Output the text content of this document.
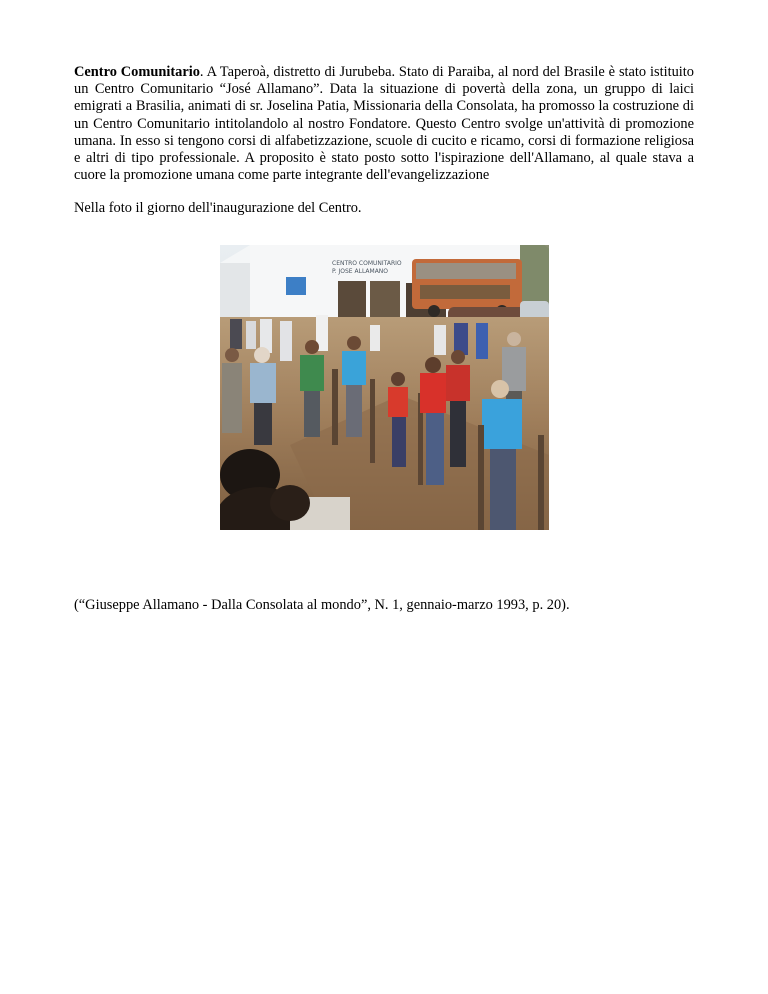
Centro Comunitario. A Taperoà, distretto di Jurubeba. Stato di Paraiba, al nord del Brasile è stato istituito un Centro Comunitario “José Allamano”. Data la situazione di povertà della zona, un gruppo di laici emigrati a Brasilia, animati di sr. Joselina Patia, Missionaria della Consolata, ha promosso la costruzione di un Centro Comunitario intitolandolo al nostro Fondatore. Questo Centro svolge un'attività di promozione umana. In esso si tengono corsi di alfabetizzazione, scuole di cucito e ricamo, corsi di formazione religiosa e altri di tipo professionale. A proposito è stato posto sotto l'ispirazione dell'Allamano, al quale stava a cuore la promozione umana come parte integrante dell'evangelizzazione

Nella foto il giorno dell'inaugurazione del Centro.

CENTRO COMUNITARIO
P. JOSE ALLAMANO
(“Giuseppe Allamano - Dalla Consolata al mondo”, N. 1, gennaio-marzo 1993, p. 20).
